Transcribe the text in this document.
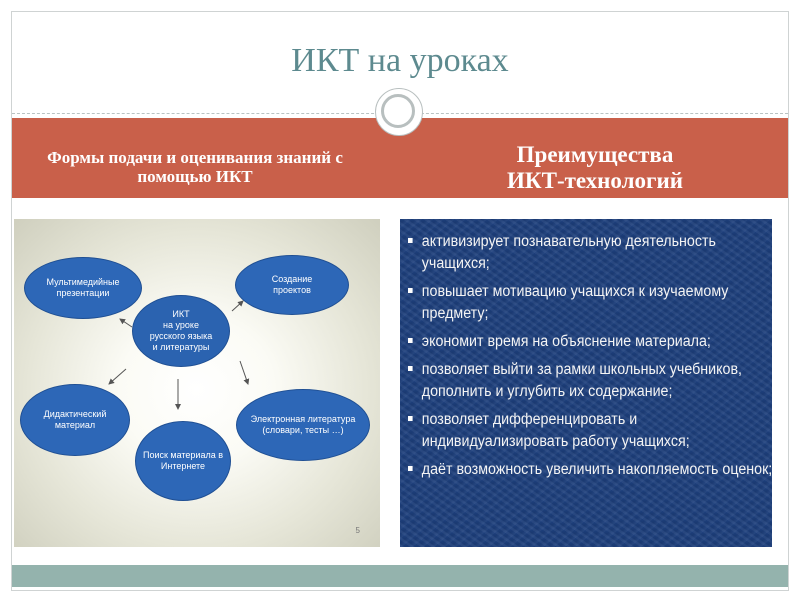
ИКТ на уроках
Формы подачи и оценивания знаний с помощью ИКТ
Преимущества
ИКТ-технологий
Мультимедийные
презентации
Создание
проектов
ИКТ
на уроке
русского языка
и литературы
Дидактический
материал
Поиск материала в
Интернете
Электронная литература
(словари, тесты …)
5
активизирует познавательную деятельность учащихся;
повышает мотивацию учащихся к изучаемому предмету;
экономит время на объяснение материала;
позволяет выйти за рамки школьных учебников, дополнить и углубить их содержание;
позволяет дифференцировать и индивидуализировать работу учащихся;
даёт возможность увеличить накопляемость оценок;
